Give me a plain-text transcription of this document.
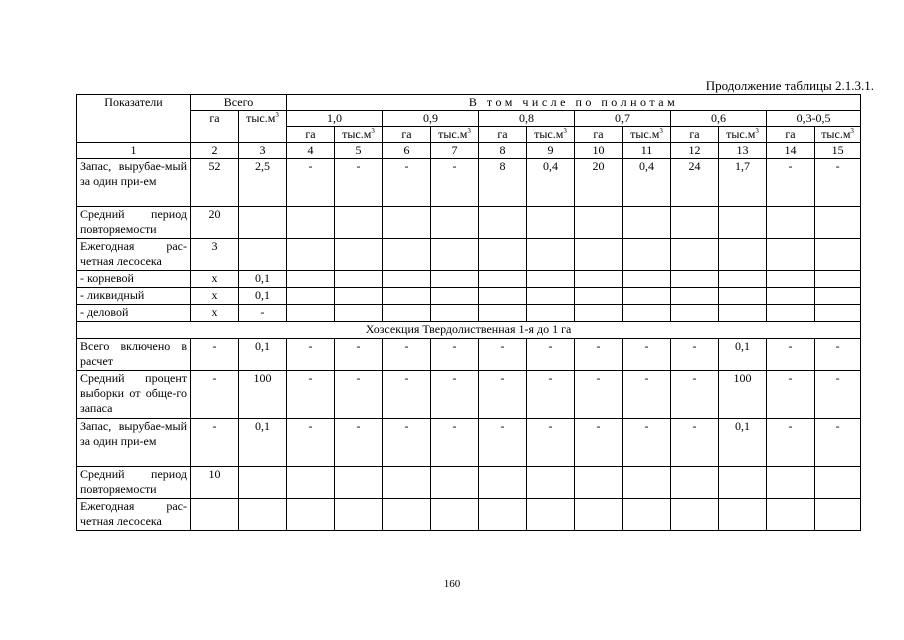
Продолжение таблицы 2.1.3.1.
Показатели	Всего		В том числе по полнотам											
	га	$тыс.м^3$	1,0		0,9		0,8		0,7		0,6		0,3-0,5	
			га	$тыс.м^3$	га	$тыс.м^3$	га	$тыс.м^3$	га	$тыс.м^3$	га	$тыс.м^3$	га	$тыс.м^3$
1	2	3	4	5	6	7	8	9	10	11	12	13	14	15
Запас, вырубае-мый за один при-ем	52	2,5	-	-	-	-	8	0,4	20	0,4	24	1,7	-	-
Средний период повторяемости	20													
Ежегодная рас-четная лесосека	3													
- корневой	х	0,1												
- ликвидный	х	0,1												
- деловой	х	-												
Хозсекция Твердолиственная 1-я до 1 га														
Всего включено в расчет	-	0,1	-	-	-	-	-	-	-	-	-	0,1	-	-
Средний процент выборки от обще-го запаса	-	100	-	-	-	-	-	-	-	-	-	100	-	-
Запас, вырубае-мый за один при-ем	-	0,1	-	-	-	-	-	-	-	-	-	0,1	-	-
Средний период повторяемости	10													
Ежегодная рас-четная лесосека														
160
